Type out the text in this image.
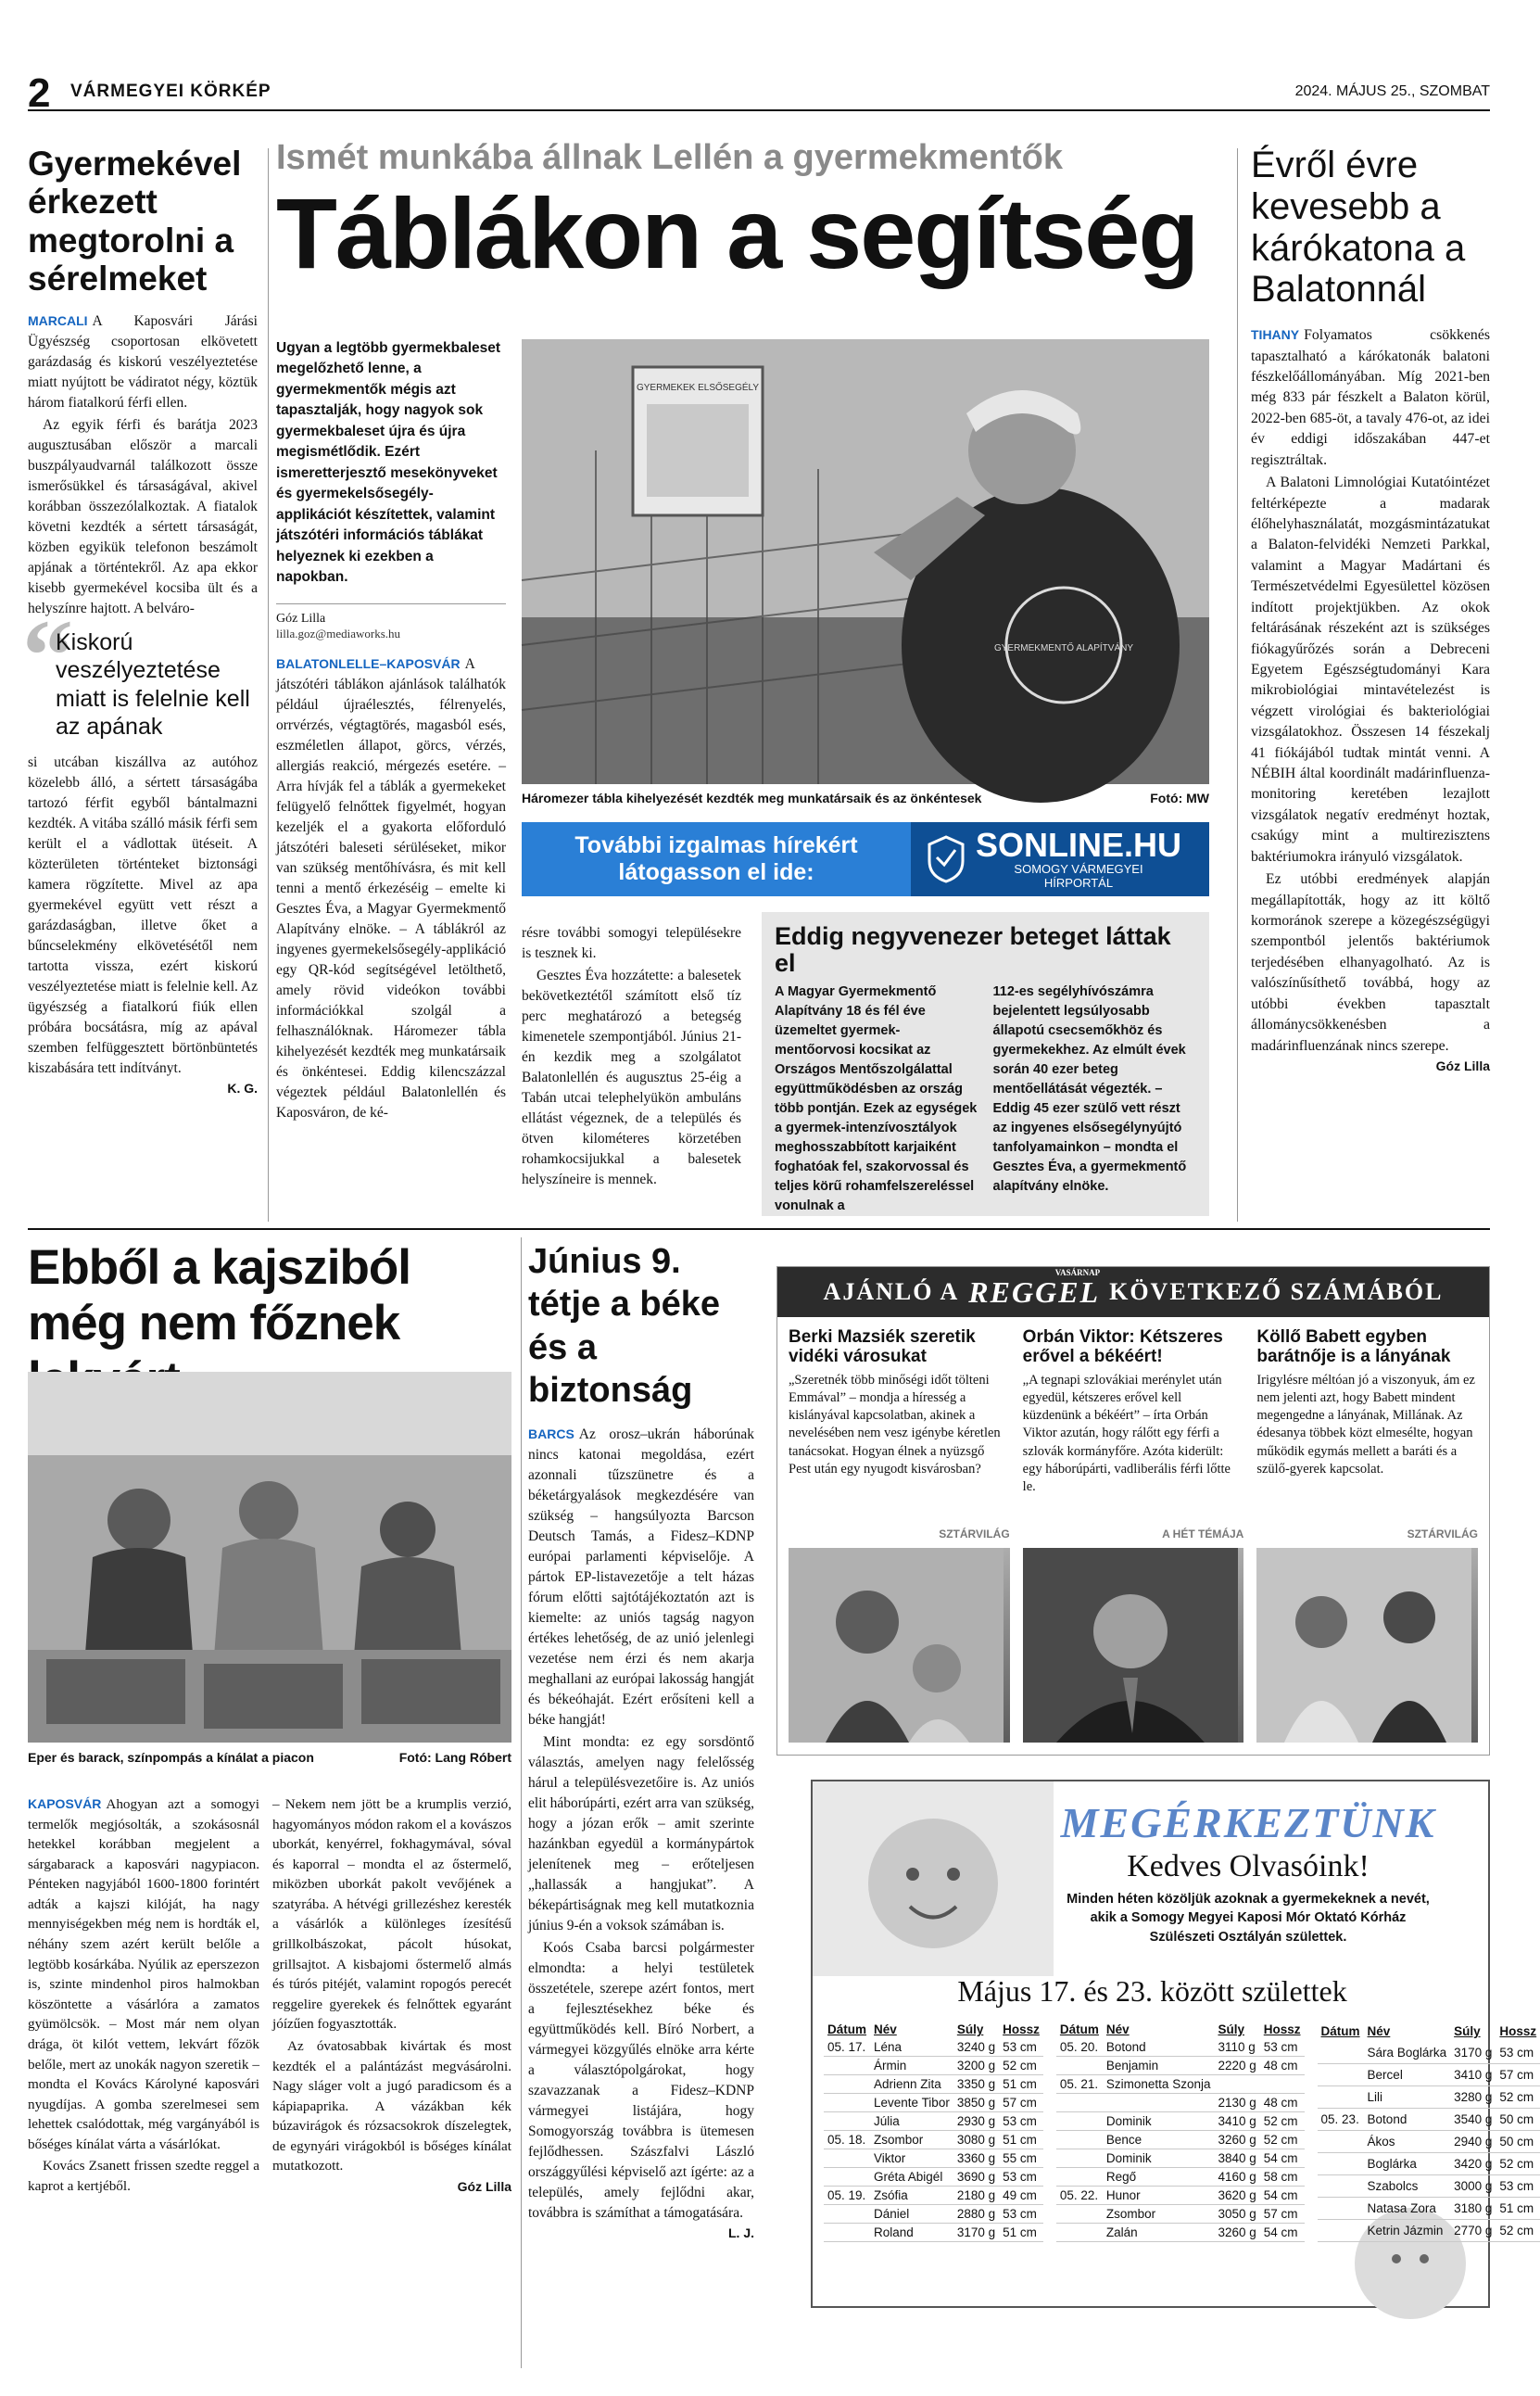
2 VÁRMEGYEI KÖRKÉP	2024. MÁJUS 25., SZOMBAT
Gyermekével érkezett megtorolni a sérelmeket

MARCALI A Kaposvári Járási Ügyészség csoportosan elkövetett garázdaság és kiskorú veszélyeztetése miatt nyújtott be vádiratot négy, köztük három fiatalkorú férfi ellen.

Az egyik férfi és barátja 2023 augusztusában először a marcali buszpályaudvarnál találkozott össze ismerősükkel és társaságával, akivel korábban összezólalkoztak. A fiatalok követni kezdték a sértett társaságát, közben egyikük telefonon beszámolt apjának a történtekről. Az apa ekkor kisebb gyermekével kocsiba ült és a helyszínre hajtott. A belváro-

“
Kiskorú veszélyeztetése miatt is felelnie kell az apának

si utcában kiszállva az autóhoz közelebb álló, a sértett társaságába tartozó férfit egyből bántalmazni kezdték. A vitába szálló másik férfi sem került el a vádlottak ütéseit. A közterületen történteket biztonsági kamera rögzítette. Mivel az apa gyermekével együtt vett részt a garázdaságban, illetve őket a bűncselekmény elkövetésétől nem tartotta vissza, ezért kiskorú veszélyeztetése miatt is felelnie kell. Az ügyészség a fiatalkorú fiúk ellen próbára bocsátásra, míg az apával szemben felfüggesztett börtönbüntetés kiszabására tett indítványt.

K. G.
Ismét munkába állnak Lellén a gyermekmentők
Táblákon a segítség
Ugyan a legtöbb gyermekbaleset megelőzhető lenne, a gyermekmentők mégis azt tapasztalják, hogy nagyok sok gyermekbaleset újra és újra megismétlődik. Ezért ismeretterjesztő mesekönyveket és gyermekelsősegély-applikációt készítettek, valamint játszótéri információs táblákat helyeznek ki ezekben a napokban.
Góz Lilla
lilla.goz@mediaworks.hu

BALATONLELLE–KAPOSVÁR A játszótéri táblákon ajánlások találhatók például újraélesztés, félrenyelés, orrvérzés, végtagtörés, magasból esés, eszméletlen állapot, görcs, vérzés, allergiás reakció, mérgezés esetére. – Arra hívják fel a táblák a gyermekeket felügyelő felnőttek figyelmét, hogyan kezeljék el a gyakorta előforduló játszótéri baleseti sérüléseket, mikor van szükség mentőhívásra, és mit kell tenni a mentő érkezéséig – emelte ki Gesztes Éva, a Magyar Gyermekmentő Alapítvány elnöke. – A táblákról az ingyenes gyermekelsősegély-applikáció egy QR-kód segítségével letölthető, amely rövid videókon további információkkal szolgál a felhasználóknak. Háromezer tábla kihelyezését kezdték meg munkatársaik és önkéntesei. Eddig kilencszázzal végeztek például Balatonlellén és Kaposváron, de ké-

GYERMEKEK ELSŐSEGÉLY
GYERMEKMENTŐ ALAPÍTVÁNY
Háromezer tábla kihelyezését kezdték meg munkatársaik és az önkéntesek	Fotó: MW
További izgalmas hírekért
látogasson el ide:
SONLINE.HU
SOMOGY VÁRMEGYEI
HÍRPORTÁL

résre további somogyi településekre is tesznek ki.

Gesztes Éva hozzátette: a balesetek bekövetkeztétől számított első tíz perc meghatározó a betegség kimenetele szempontjából. Június 21-én kezdik meg a szolgálatot Balatonlellén és augusztus 25-éig a Tabán utcai telephelyükön ambuláns ellátást végeznek, de a település és ötven kilométeres körzetében rohamkocsijukkal a balesetek helyszíneire is mennek.

Eddig negyvenezer beteget láttak el
A Magyar Gyermekmentő Alapítvány 18 és fél éve üzemeltet gyermek-mentőorvosi kocsikat az Országos Mentőszolgálattal együttműködésben az ország több pontján. Ezek az egységek a gyermek-intenzívosztályok meghosszabbított karjaiként foghatóak fel, szakorvossal és teljes körű rohamfelszereléssel vonulnak a
112-es segélyhívószámra bejelentett legsúlyosabb állapotú csecsemőkhöz és gyermekekhez. Az elmúlt évek során 40 ezer beteg mentőellátását végezték. – Eddig 45 ezer szülő vett részt az ingyenes elsősegélynyújtó tanfolyamainkon – mondta el Gesztes Éva, a gyermekmentő alapítvány elnöke.
Évről évre kevesebb a kárókatona a Balatonnál

TIHANY Folyamatos csökkenés tapasztalható a kárókatonák balatoni fészkelőállományában. Míg 2021-ben még 833 pár fészkelt a Balaton körül, 2022-ben 685-öt, a tavaly 476-ot, az idei év eddigi időszakában 447-et regisztráltak.

A Balatoni Limnológiai Kutatóintézet feltérképezte a madarak élőhelyhasználatát, mozgásmintázatukat a Balaton-felvidéki Nemzeti Parkkal, valamint a Magyar Madártani és Természetvédelmi Egyesülettel közösen indított projektjükben. Az okok feltárásának részeként azt is szükséges fiókagyűrőzés során a Debreceni Egyetem Egészségtudományi Kara mikrobiológiai mintavételezést is végzett virológiai és bakteriológiai vizsgálatokhoz. Összesen 14 fészekalj 41 fiókájából tudtak mintát venni. A NÉBIH által koordinált madárinfluenza-monitoring keretében lezajlott vizsgálatok negatív eredményt hoztak, csakúgy mint a multirezisztens baktériumokra irányuló vizsgálatok.

Ez utóbbi eredmények alapján megállapították, hogy az itt költő kormoránok szerepe a közegészségügyi szempontból jelentős baktériumok terjedésében elhanyagolható. Az is valószínűsíthető továbbá, hogy az utóbbi években tapasztalt állománycsökkenésben a madárinfluenzának nincs szerepe.

Góz Lilla
Ebből a kajsziból még nem főznek
Eper és barack, színpompás a kínálat a piacon	Fotó: Lang Róbert

KAPOSVÁR Ahogyan azt a somogyi termelők megjósolták, a szokásosnál hetekkel korábban megjelent a sárgabarack a kaposvári nagypiacon. Pénteken nagyjából 1600-1800 forintért adták a kajszi kilóját, ha nagy mennyiségekben még nem is hordták el, néhány szem azért került belőle a legtöbb kosárkába. Nyúlik az eperszezon is, szinte mindenhol piros halmokban köszöntette a vásárlóra a zamatos gyümölcsök. – Most már nem olyan drága, öt kilót vettem, lekvárt főzök belőle, mert az unokák nagyon szeretik – mondta el Kovács Károlyné kaposvári nyugdíjas. A gomba szerelmesei sem lehettek csalódottak, még vargányából is bőséges kínálat várta a vásárlókat.

Kovács Zsanett frissen szedte reggel a kaprot a kertjéből.

– Nekem nem jött be a krumplis verzió, hagyományos módon rakom el a kovászos uborkát, kenyérrel, fokhagymával, sóval és kaporral – mondta el az őstermelő, miközben uborkát pakolt vevőjének a szatyrába. A hétvégi grillezéshez keresték a vásárlók a különleges ízesítésű grillkolbászokat, pácolt húsokat, grillsajtot. A kisbajomi őstermelő almás és túrós pitéjét, valamint ropogós perecét reggelire gyerekek és felnőttek egyaránt jóízűen fogyasztották.

Az óvatosabbak kivártak és most kezdték el a palántázást megvásárolni. Nagy sláger volt a jugó paradicsom és a kápiapaprika. A vázákban kék búzavirágok és rózsacsokrok díszelegtek, de egynyári virágokból is bőséges kínálat mutatkozott.

Góz Lilla
Június 9. tétje a béke és a biztonság

BARCS Az orosz–ukrán háborúnak nincs katonai megoldása, ezért azonnali tűzszünetre és a béketárgyalások megkezdésére van szükség – hangsúlyozta Barcson Deutsch Tamás, a Fidesz–KDNP európai parlamenti képviselője. A pártok EP-listavezetője a telt házas fórum előtti sajtótájékoztatón azt is kiemelte: az uniós tagság nagyon értékes lehetőség, de az unió jelenlegi vezetése nem érzi és nem akarja meghallani az európai lakosság hangját és békeóhaját. Ezért erősíteni kell a béke hangját!

Mint mondta: ez egy sorsdöntő választás, amelyen nagy felelősség hárul a településvezetőire is. Az uniós elit háborúpárti, ezért arra van szükség, hogy a józan erők – amit szerinte hazánkban egyedül a kormánypártok jelenítenek meg – erőteljesen „hallassák a hangjukat”. A békepártiságnak meg kell mutatkoznia június 9-én a voksok számában is.

Koós Csaba barcsi polgármester elmondta: a helyi testületek összetétele, szerepe azért fontos, mert a fejlesztésekhez béke és együttműködés kell. Bíró Norbert, a vármegyei közgyűlés elnöke arra kérte a választópolgárokat, hogy szavazzanak a Fidesz–KDNP vármegyei listájára, hogy Somogyország továbbra is ütemesen fejlődhessen. Szászfalvi László országgyűlési képviselő azt ígérte: az a település, amely fejlődni akar, továbbra is számíthat a támogatására.

L. J.
AJÁNLÓ A
VASÁRNAP
REGGEL KÖVETKEZŐ SZÁMÁBÓL
Berki Mazsiék szeretik vidéki városukat
„Szeretnék több minőségi időt tölteni Emmával” – mondja a híresség a kislányával kapcsolatban, akinek a nevelésében nem vesz igénybe kéretlen tanácsokat. Hogyan élnek a nyüzsgő Pest után egy nyugodt kisvárosban?
SZTÁRVILÁG
Orbán Viktor: Kétszeres erővel a békéért!
„A tegnapi szlovákiai merénylet után egyedül, kétszeres erővel kell küzdenünk a békéért” – írta Orbán Viktor azután, hogy rálőtt egy férfi a szlovák kormányfőre. Azóta kiderült: egy háborúpárti, vadliberális férfi lőtte le.
A HÉT TÉMÁJA
Köllő Babett egyben barátnője is a lányának
Irigylésre méltóan jó a viszonyuk, ám ez nem jelenti azt, hogy Babett mindent megengedne a lányának, Millának. Az édesanya többek közt elmesélte, hogyan működik egymás mellett a baráti és a szülő-gyerek kapcsolat.
SZTÁRVILÁG
MEGÉRKEZTÜNK
Kedves Olvasóink!
Minden héten közöljük azoknak a gyermekeknek a nevét,
akik a Somogy Megyei Kaposi Mór Oktató Kórház
Szülészeti Osztályán születtek.
Május 17. és 23. között születtek
Dátum	Név	Súly	Hossz
05. 17.	Léna	3240 g	53 cm
	Ármin	3200 g	52 cm
	Adrienn Zita	3350 g	51 cm
	Levente Tibor	3850 g	57 cm
	Júlia	2930 g	53 cm
05. 18.	Zsombor	3080 g	51 cm
	Viktor	3360 g	55 cm
	Gréta Abigél	3690 g	53 cm
05. 19.	Zsófia	2180 g	49 cm
	Dániel	2880 g	53 cm
	Roland	3170 g	51 cm
Dátum	Név	Súly	Hossz
05. 20.	Botond	3110 g	53 cm
	Benjamin	2220 g	48 cm
05. 21.	Szimonetta Szonja		
		2130 g	48 cm
	Dominik	3410 g	52 cm
	Bence	3260 g	52 cm
	Dominik	3840 g	54 cm
	Regő	4160 g	58 cm
05. 22.	Hunor	3620 g	54 cm
	Zsombor	3050 g	57 cm
	Zalán	3260 g	54 cm
Dátum	Név	Súly	Hossz
	Sára Boglárka	3170 g	53 cm
	Bercel	3410 g	57 cm
	Lili	3280 g	52 cm
05. 23.	Botond	3540 g	50 cm
	Ákos	2940 g	50 cm
	Boglárka	3420 g	52 cm
	Szabolcs	3000 g	53 cm
	Natasa Zora	3180 g	51 cm
	Ketrin Jázmin	2770 g	52 cm
